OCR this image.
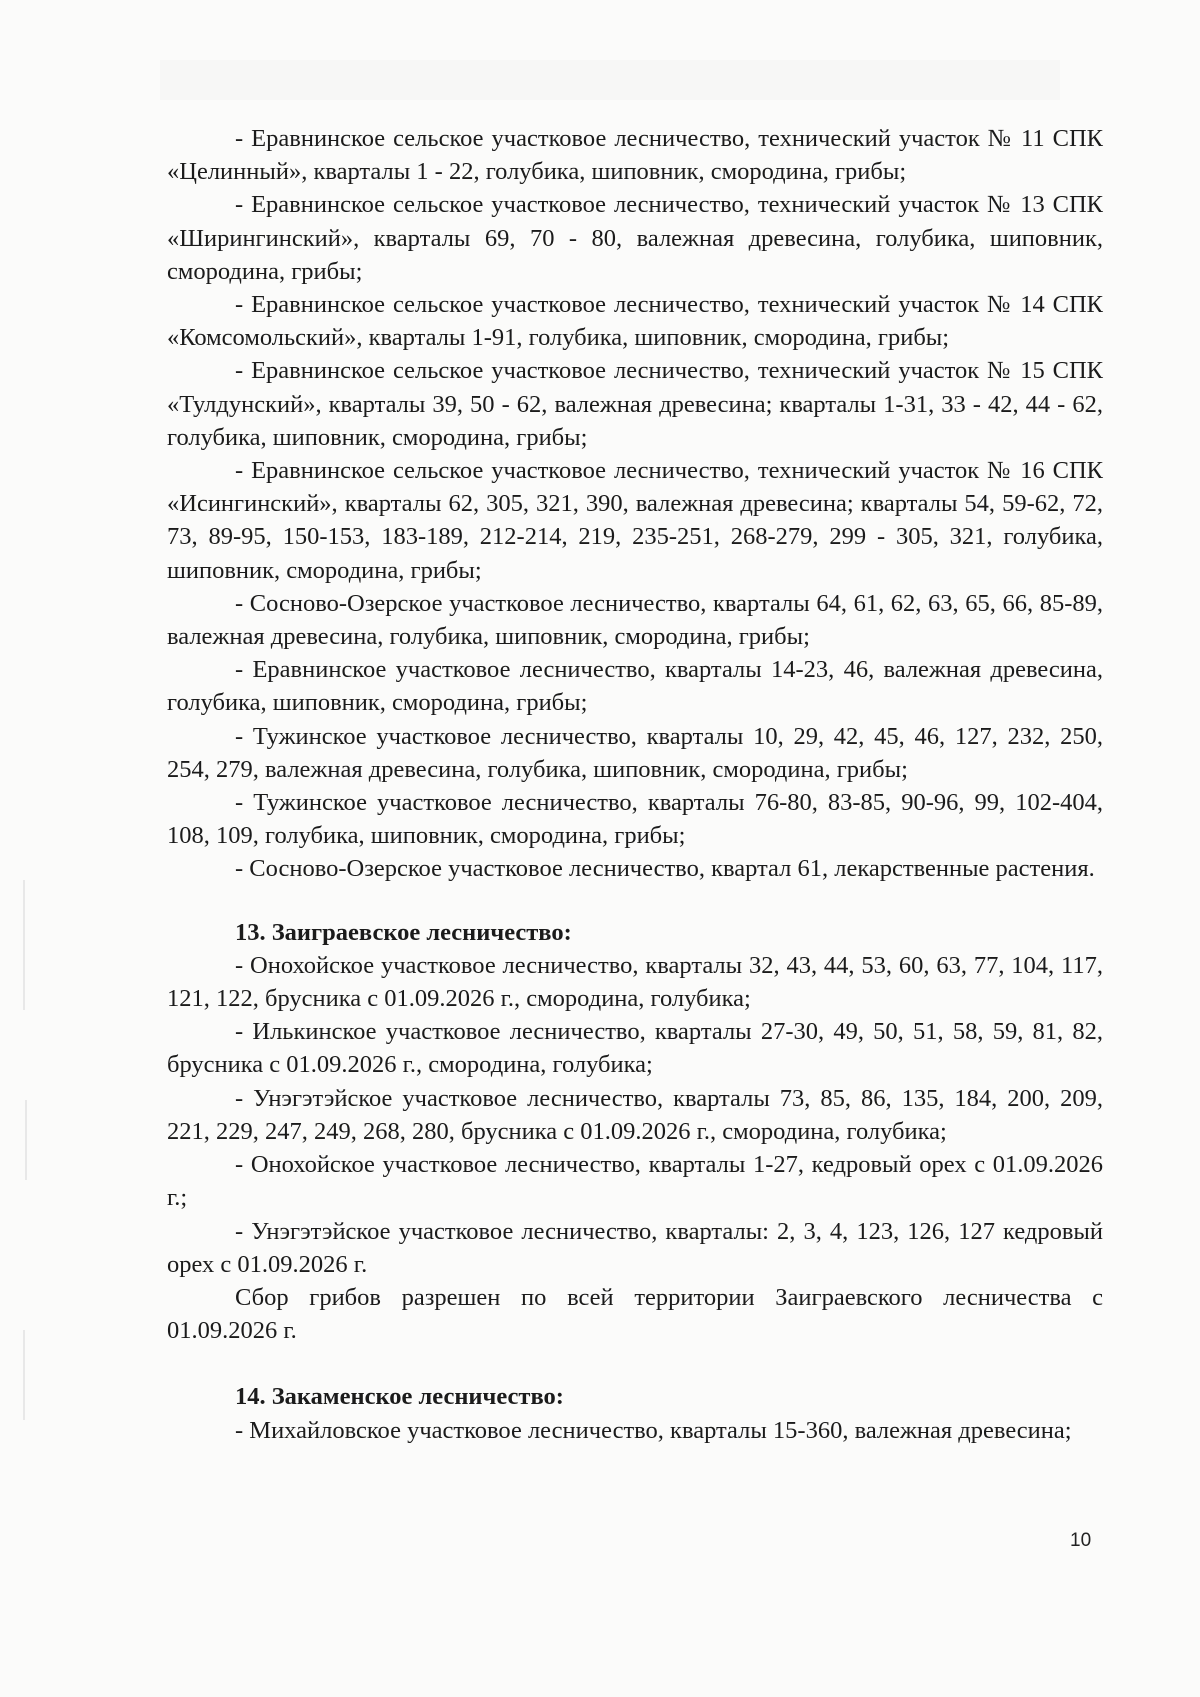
- Еравнинское сельское участковое лесничество, технический участок № 11 СПК «Целинный», кварталы 1 - 22, голубика, шиповник, смородина, грибы;

- Еравнинское сельское участковое лесничество, технический участок № 13 СПК «Ширингинский», кварталы 69, 70 - 80, валежная древесина, голубика, шиповник, смородина, грибы;

- Еравнинское сельское участковое лесничество, технический участок № 14 СПК «Комсомольский», кварталы 1-91, голубика, шиповник, смородина, грибы;

- Еравнинское сельское участковое лесничество, технический участок № 15 СПК «Тулдунский», кварталы 39, 50 - 62, валежная древесина; кварталы 1-31, 33 - 42, 44 - 62, голубика, шиповник, смородина, грибы;

- Еравнинское сельское участковое лесничество, технический участок № 16 СПК «Исингинский», кварталы 62, 305, 321, 390, валежная древесина; кварталы 54, 59-62, 72, 73, 89-95, 150-153, 183-189, 212-214, 219, 235-251, 268-279, 299 - 305, 321, голубика, шиповник, смородина, грибы;

- Сосново-Озерское участковое лесничество, кварталы 64, 61, 62, 63, 65, 66, 85-89, валежная древесина, голубика, шиповник, смородина, грибы;

- Еравнинское участковое лесничество, кварталы 14-23, 46, валежная древесина, голубика, шиповник, смородина, грибы;

- Тужинское участковое лесничество, кварталы 10, 29, 42, 45, 46, 127, 232, 250, 254, 279, валежная древесина, голубика, шиповник, смородина, грибы;

- Тужинское участковое лесничество, кварталы 76-80, 83-85, 90-96, 99, 102-404, 108, 109, голубика, шиповник, смородина, грибы;

- Сосново-Озерское участковое лесничество, квартал 61, лекарственные растения.

13. Заиграевское лесничество:

- Онохойское участковое лесничество, кварталы 32, 43, 44, 53, 60, 63, 77, 104, 117, 121, 122, брусника с 01.09.2026 г., смородина, голубика;

- Илькинское участковое лесничество, кварталы 27-30, 49, 50, 51, 58, 59, 81, 82, брусника с 01.09.2026 г., смородина, голубика;

- Унэгэтэйское участковое лесничество, кварталы 73, 85, 86, 135, 184, 200, 209, 221, 229, 247, 249, 268, 280, брусника с 01.09.2026 г., смородина, голубика;

- Онохойское участковое лесничество, кварталы 1-27, кедровый орех с 01.09.2026 г.;

- Унэгэтэйское участковое лесничество, кварталы: 2, 3, 4, 123, 126, 127 кедровый орех с 01.09.2026 г.

Сбор грибов разрешен по всей территории Заиграевского лесничества с 01.09.2026 г.

14. Закаменское лесничество:

- Михайловское участковое лесничество, кварталы 15-360, валежная древесина;

10
